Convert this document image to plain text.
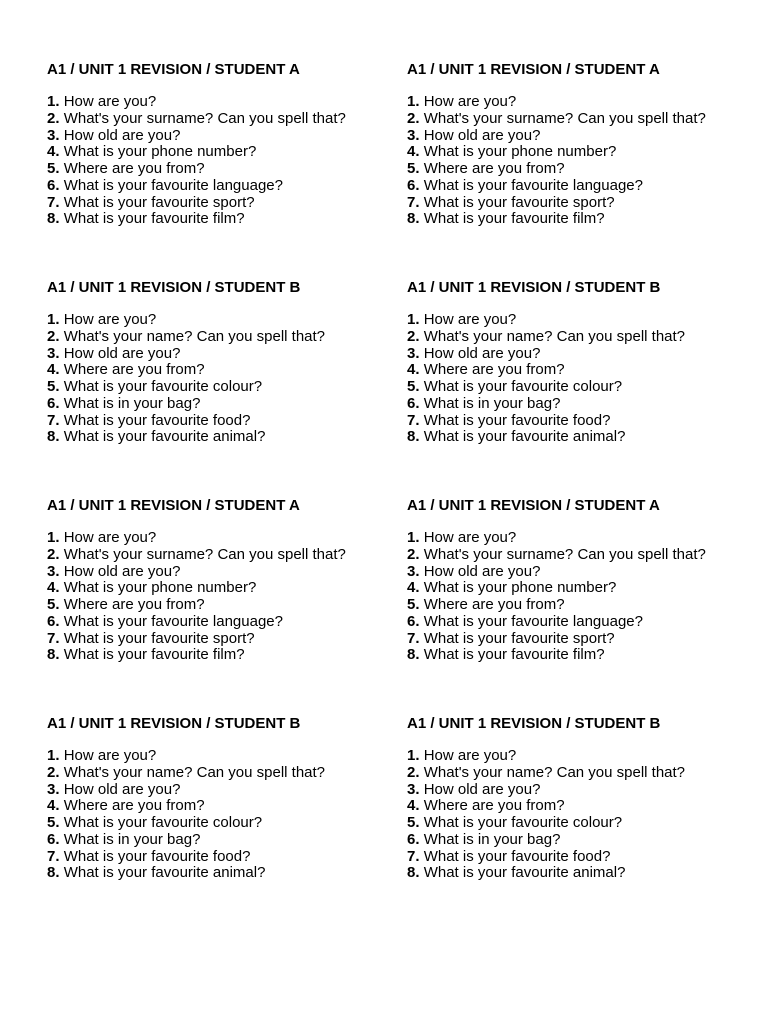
A1 / UNIT 1 REVISION / STUDENT A
1. How are you?
2. What's your surname? Can you spell that?
3. How old are you?
4. What is your phone number?
5. Where are you from?
6. What is your favourite language?
7. What is your favourite sport?
8. What is your favourite film?
A1 / UNIT 1 REVISION / STUDENT A
1. How are you?
2. What's your surname? Can you spell that?
3. How old are you?
4. What is your phone number?
5. Where are you from?
6. What is your favourite language?
7. What is your favourite sport?
8. What is your favourite film?
A1 / UNIT 1 REVISION / STUDENT B
1. How are you?
2. What's your name? Can you spell that?
3. How old are you?
4. Where are you from?
5. What is your favourite colour?
6. What is in your bag?
7. What is your favourite food?
8. What is your favourite animal?
A1 / UNIT 1 REVISION / STUDENT B
1. How are you?
2. What's your name? Can you spell that?
3. How old are you?
4. Where are you from?
5. What is your favourite colour?
6. What is in your bag?
7. What is your favourite food?
8. What is your favourite animal?
A1 / UNIT 1 REVISION / STUDENT A
1. How are you?
2. What's your surname? Can you spell that?
3. How old are you?
4. What is your phone number?
5. Where are you from?
6. What is your favourite language?
7. What is your favourite sport?
8. What is your favourite film?
A1 / UNIT 1 REVISION / STUDENT A
1. How are you?
2. What's your surname? Can you spell that?
3. How old are you?
4. What is your phone number?
5. Where are you from?
6. What is your favourite language?
7. What is your favourite sport?
8. What is your favourite film?
A1 / UNIT 1 REVISION / STUDENT B
1. How are you?
2. What's your name? Can you spell that?
3. How old are you?
4. Where are you from?
5. What is your favourite colour?
6. What is in your bag?
7. What is your favourite food?
8. What is your favourite animal?
A1 / UNIT 1 REVISION / STUDENT B
1. How are you?
2. What's your name? Can you spell that?
3. How old are you?
4. Where are you from?
5. What is your favourite colour?
6. What is in your bag?
7. What is your favourite food?
8. What is your favourite animal?
